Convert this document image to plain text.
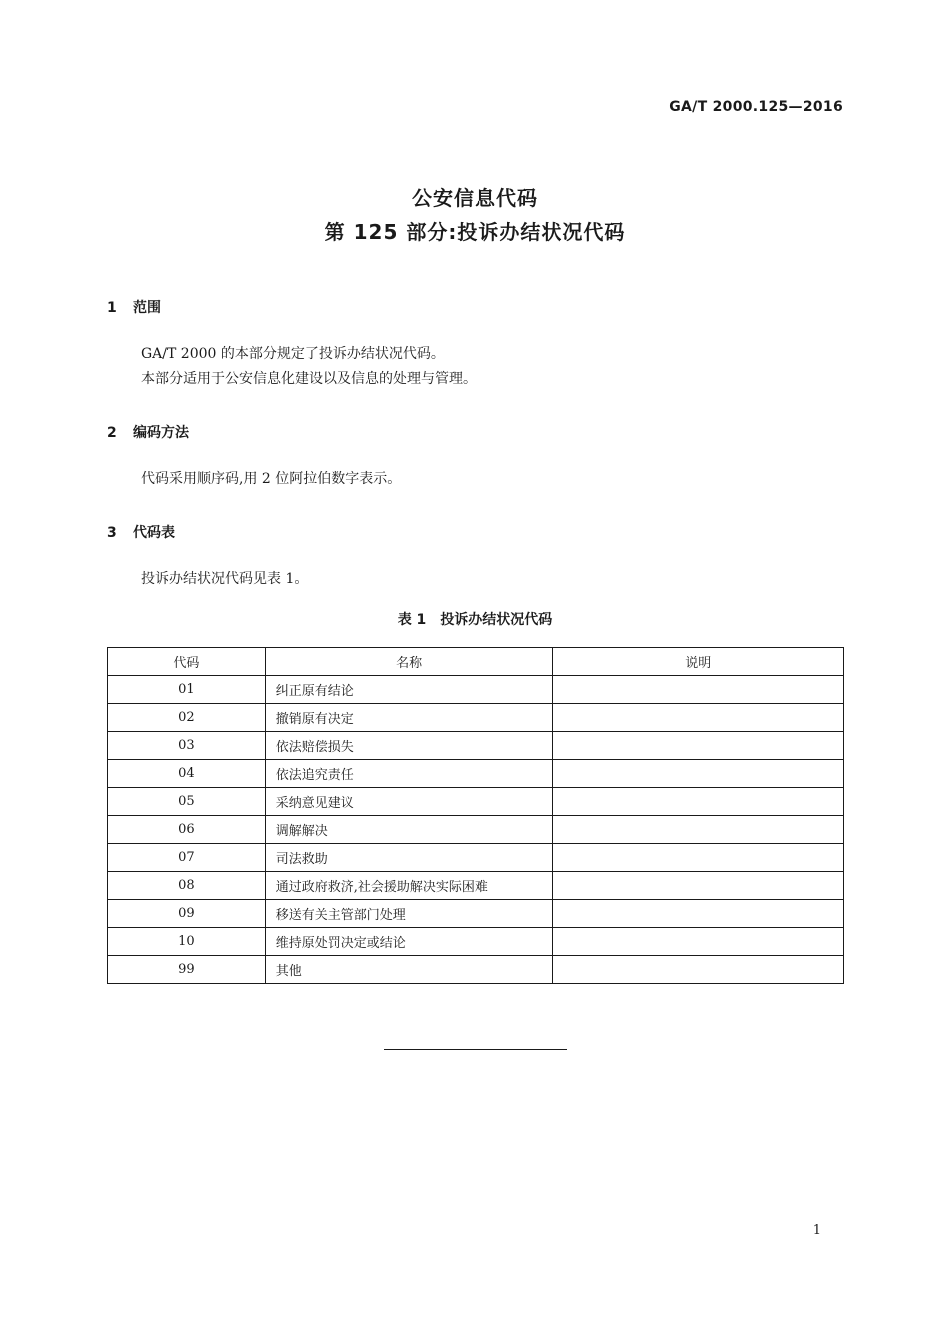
GA/T 2000.125—2016

公安信息代码
第 125 部分:投诉办结状况代码
1 范围

GA/T 2000 的本部分规定了投诉办结状况代码。

本部分适用于公安信息化建设以及信息的处理与管理。

2 编码方法

代码采用顺序码,用 2 位阿拉伯数字表示。

3 代码表

投诉办结状况代码见表 1。

表 1 投诉办结状况代码

代码	名称	说明
01	纠正原有结论	
02	撤销原有决定	
03	依法赔偿损失	
04	依法追究责任	
05	采纳意见建议	
06	调解解决	
07	司法救助	
08	通过政府救济,社会援助解决实际困难	
09	移送有关主管部门处理	
10	维持原处罚决定或结论	
99	其他	

1
